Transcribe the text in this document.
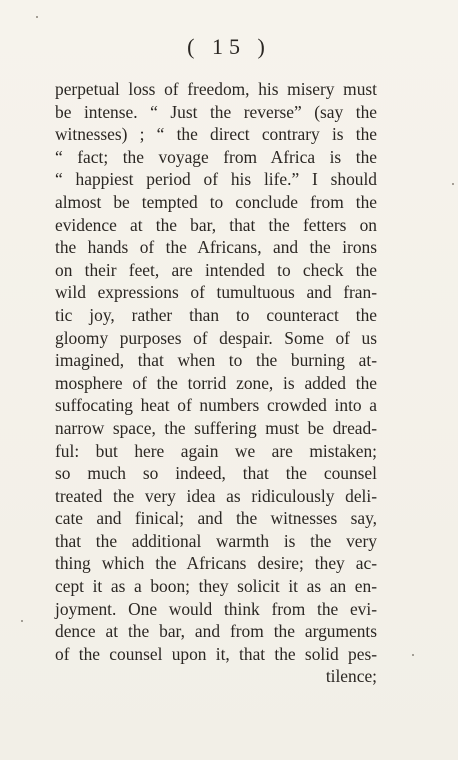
( 15 )
perpetual loss of freedom, his misery must
be intense. “ Just the reverse” (say the
witnesses) ; “ the direct contrary is the
“ fact; the voyage from Africa is the
“ happiest period of his life.” I should
almost be tempted to conclude from the
evidence at the bar, that the fetters on
the hands of the Africans, and the irons
on their feet, are intended to check the
wild expressions of tumultuous and fran-
tic joy, rather than to counteract the
gloomy purposes of despair. Some of us
imagined, that when to the burning at-
mosphere of the torrid zone, is added the
suffocating heat of numbers crowded into a
narrow space, the suffering must be dread-
ful: but here again we are mistaken;
so much so indeed, that the counsel
treated the very idea as ridiculously deli-
cate and finical; and the witnesses say,
that the additional warmth is the very
thing which the Africans desire; they ac-
cept it as a boon; they solicit it as an en-
joyment. One would think from the evi-
dence at the bar, and from the arguments
of the counsel upon it, that the solid pes-
tilence;
